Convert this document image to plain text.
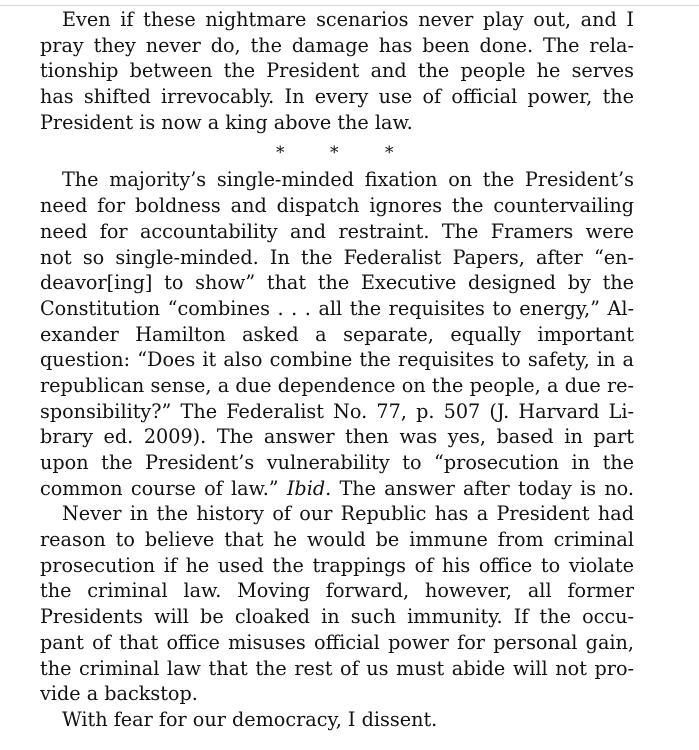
Even if these nightmare scenarios never play out, and I
pray they never do, the damage has been done. The rela-
tionship between the President and the people he serves
has shifted irrevocably. In every use of official power, the
President is now a king above the law.
*	*	*
The majority’s single-minded fixation on the President’s
need for boldness and dispatch ignores the countervailing
need for accountability and restraint. The Framers were
not so single-minded. In the Federalist Papers, after “en-
deavor[ing] to show” that the Executive designed by the
Constitution “combines . . . all the requisites to energy,” Al-
exander Hamilton asked a separate, equally important
question: “Does it also combine the requisites to safety, in a
republican sense, a due dependence on the people, a due re-
sponsibility?” The Federalist No. 77, p. 507 (J. Harvard Li-
brary ed. 2009). The answer then was yes, based in part
upon the President’s vulnerability to “prosecution in the
common course of law.” Ibid. The answer after today is no.
Never in the history of our Republic has a President had
reason to believe that he would be immune from criminal
prosecution if he used the trappings of his office to violate
the criminal law. Moving forward, however, all former
Presidents will be cloaked in such immunity. If the occu-
pant of that office misuses official power for personal gain,
the criminal law that the rest of us must abide will not pro-
vide a backstop.
With fear for our democracy, I dissent.
